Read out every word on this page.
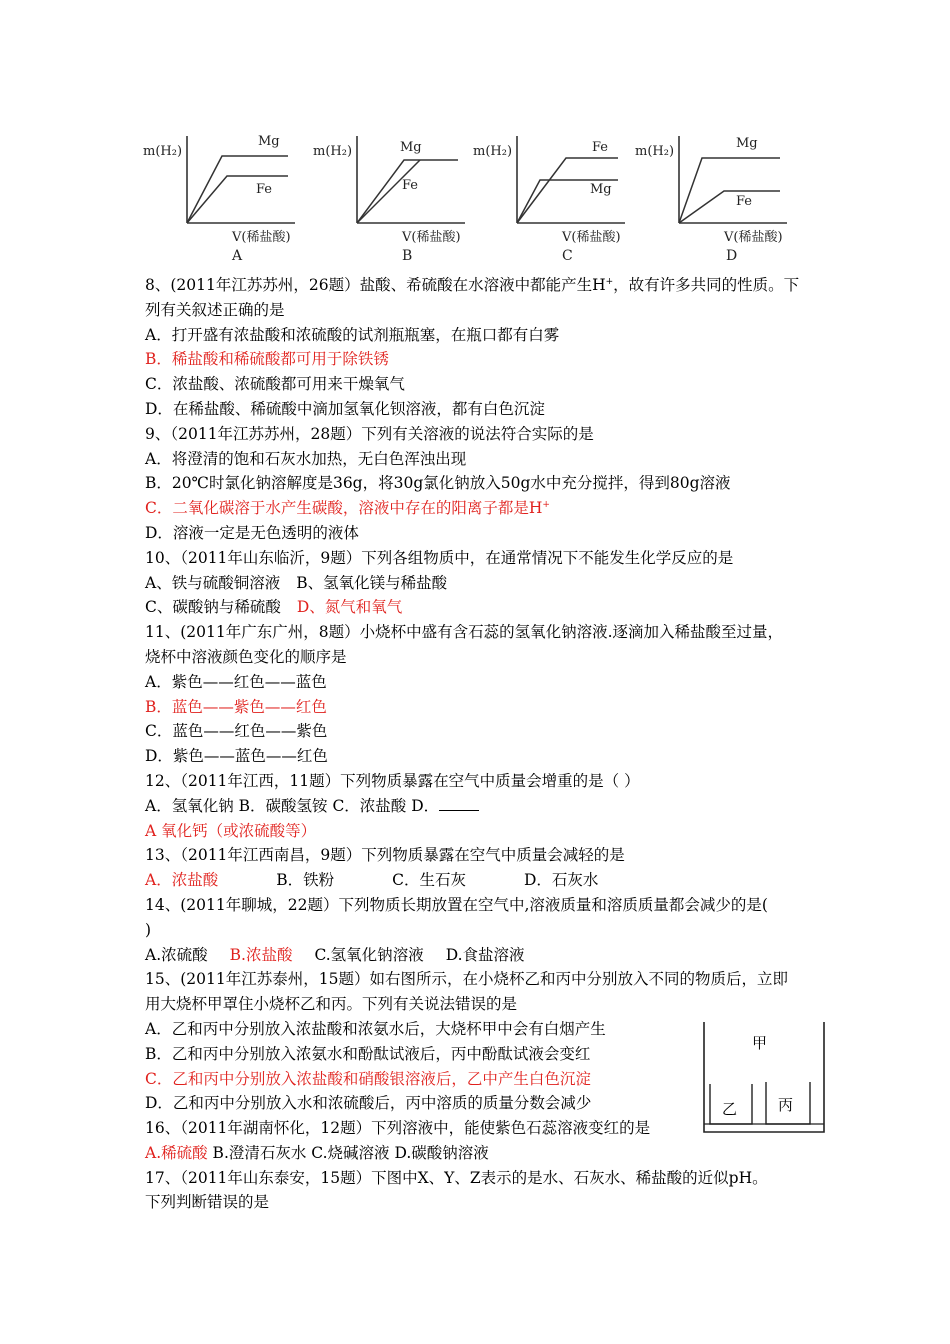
m(H₂)
Mg
Fe
V(稀盐酸)
A
m(H₂)	Mg
Fe
V(稀盐酸)
B
m(H₂)	Fe
Mg
V(稀盐酸)
C
m(H₂)
Mg
Fe
V(稀盐酸)
D
8、(2011年江苏苏州，26题）盐酸、希硫酸在水溶液中都能产生H+，故有许多共同的性质。下
列有关叙述正确的是
A．打开盛有浓盐酸和浓硫酸的试剂瓶瓶塞，在瓶口都有白雾
B．稀盐酸和稀硫酸都可用于除铁锈
C．浓盐酸、浓硫酸都可用来干燥氧气
D．在稀盐酸、稀硫酸中滴加氢氧化钡溶液，都有白色沉淀
9、（2011年江苏苏州，28题）下列有关溶液的说法符合实际的是
A．将澄清的饱和石灰水加热，无白色浑浊出现
B．20℃时氯化钠溶解度是36g，将30g氯化钠放入50g水中充分搅拌，得到80g溶液
C．二氧化碳溶于水产生碳酸，溶液中存在的阳离子都是H+
D．溶液一定是无色透明的液体
10、（2011年山东临沂，9题）下列各组物质中，在通常情况下不能发生化学反应的是
A、铁与硫酸铜溶液 B、氢氧化镁与稀盐酸
C、碳酸钠与稀硫酸 D、氮气和氧气
11、(2011年广东广州，8题）小烧杯中盛有含石蕊的氢氧化钠溶液.逐滴加入稀盐酸至过量，
烧杯中溶液颜色变化的顺序是
A．紫色——红色——蓝色
B．蓝色——紫色——红色
C．蓝色——红色——紫色
D．紫色——蓝色——红色
12、（2011年江西，11题）下列物质暴露在空气中质量会增重的是（ ）
A．氢氧化钠 B．碳酸氢铵 C．浓盐酸 D．
A 氧化钙（或浓硫酸等）
13、（2011年江西南昌，9题）下列物质暴露在空气中质量会减轻的是
A．浓盐酸	B．铁粉	C．生石灰	D．石灰水
14、(2011年聊城，22题）下列物质长期放置在空气中,溶液质量和溶质质量都会减少的是(
)
A.浓硫酸 B.浓盐酸 C.氢氧化钠溶液 D.食盐溶液
15、(2011年江苏泰州，15题）如右图所示，在小烧杯乙和丙中分别放入不同的物质后，立即
用大烧杯甲罩住小烧杯乙和丙。下列有关说法错误的是
A．乙和丙中分别放入浓盐酸和浓氨水后，大烧杯甲中会有白烟产生
B．乙和丙中分别放入浓氨水和酚酞试液后，丙中酚酞试液会变红
C．乙和丙中分别放入浓盐酸和硝酸银溶液后，乙中产生白色沉淀
D．乙和丙中分别放入水和浓硫酸后，丙中溶质的质量分数会减少
16、（2011年湖南怀化，12题）下列溶液中，能使紫色石蕊溶液变红的是
A.稀硫酸 B.澄清石灰水 C.烧碱溶液 D.碳酸钠溶液
17、（2011年山东泰安，15题）下图中X、Y、Z表示的是水、石灰水、稀盐酸的近似pH。
下列判断错误的是
甲
乙	丙
